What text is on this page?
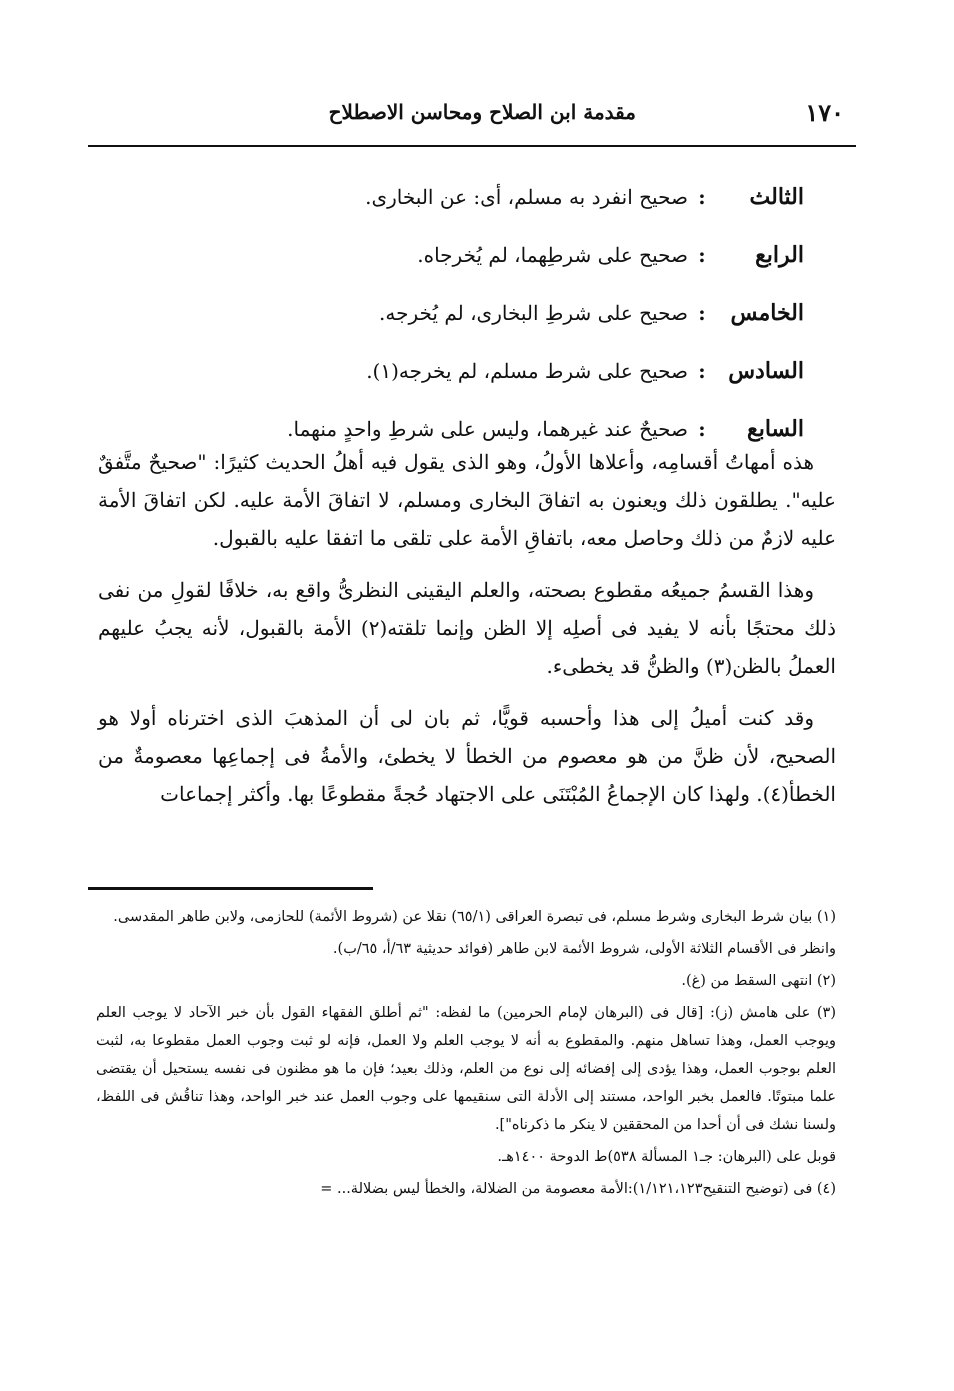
١٧٠
مقدمة ابن الصلاح ومحاسن الاصطلاح
الثالث
:
صحيح انفرد به مسلم، أى: عن البخارى.
الرابع
:
صحيح على شرطِهما، لم يُخرجاه.
الخامس
:
صحيح على شرطِ البخارى، لم يُخرجه.
السادس
:
صحيح على شرط مسلم، لم يخرجه(١).
السابع
:
صحيحٌ عند غيرهما، وليس على شرطِ واحدٍ منهما.

هذه أمهاتُ أقسامِه، وأعلاها الأولُ، وهو الذى يقول فيه أهلُ الحديث كثيرًا: "صحيحٌ متَّفقٌ عليه". يطلقون ذلك ويعنون به اتفاقَ البخارى ومسلم، لا اتفاقَ الأمة عليه. لكن اتفاقَ الأمة عليه لازمٌ من ذلك وحاصل معه، باتفاقِ الأمة على تلقى ما اتفقا عليه بالقبول.

وهذا القسمُ جميعُه مقطوع بصحته، والعلم اليقينى النظرىُّ واقع به، خلافًا لقولِ من نفى ذلك محتجًا بأنه لا يفيد فى أصلِه إلا الظن وإنما تلقته(٢) الأمة بالقبول، لأنه يجبُ عليهم العملُ بالظن(٣) والظنُّ قد يخطىء.

وقد كنت أميلُ إلى هذا وأحسبه قويًّا، ثم بان لى أن المذهبَ الذى اخترناه أولا هو الصحيح، لأن ظنَّ من هو معصوم من الخطأ لا يخطئ، والأمةُ فى إجماعِها معصومةٌ من الخطأ(٤). ولهذا كان الإجماعُ المُبْتَنَى على الاجتهاد حُجةً مقطوعًا بها. وأكثر إجماعات

(١) بيان شرط البخارى وشرط مسلم، فى تبصرة العراقى (٦٥/١) نقلا عن (شروط الأئمة) للحازمى، ولابن طاهر المقدسى.

وانظر فى الأقسام الثلاثة الأولى، شروط الأئمة لابن طاهر (فوائد حديثية ٦٣/أ، ٦٥/ب).

(٢) انتهى السقط من (غ).

(٣) على هامش (ز): [قال فى (البرهان لإمام الحرمين) ما لفظه: "ثم أطلق الفقهاء القول بأن خبر الآحاد لا يوجب العلم ويوجب العمل، وهذا تساهل منهم. والمقطوع به أنه لا يوجب العلم ولا العمل، فإنه لو ثبت وجوب العمل مقطوعا به، لثبت العلم بوجوب العمل، وهذا يؤدى إلى إفضائه إلى نوع من العلم، وذلك بعيد؛ فإن ما هو مظنون فى نفسه يستحيل أن يقتضى علما مبتوتًا. فالعمل بخبر الواحد، مستند إلى الأدلة التى سنقيمها على وجوب العمل عند خبر الواحد، وهذا تناقُش فى اللفظ، ولسنا نشك فى أن أحدا من المحققين لا ينكر ما ذكرناه"].

قوبل على (البرهان: جـ١ المسألة ٥٣٨)ط الدوحة ١٤٠٠هـ.

(٤) فى (توضيح التنقيح١/١٢١،١٢٣):الأمة معصومة من الضلالة، والخطأ ليس بضلالة... =
